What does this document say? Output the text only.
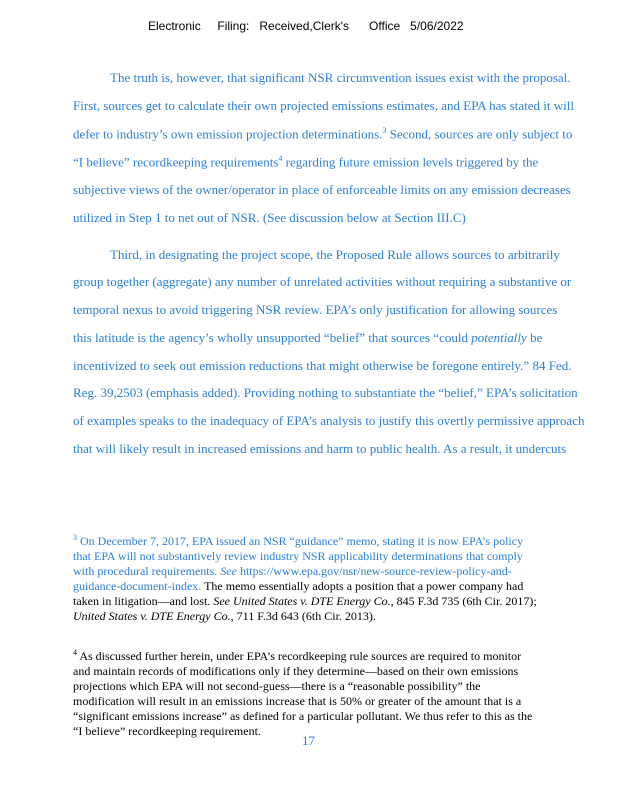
Electronic     Filing:   Received,Clerk's      Office   5/06/2022
The truth is, however, that significant NSR circumvention issues exist with the proposal.
First, sources get to calculate their own projected emissions estimates, and EPA has stated it will
defer to industry’s own emission projection determinations.$^3$ Second, sources are only subject to
“I believe” recordkeeping requirements$^4$ regarding future emission levels triggered by the
subjective views of the owner/operator in place of enforceable limits on any emission decreases
utilized in Step 1 to net out of NSR. (See discussion below at Section III.C)
Third, in designating the project scope, the Proposed Rule allows sources to arbitrarily
group together (aggregate) any number of unrelated activities without requiring a substantive or
temporal nexus to avoid triggering NSR review. EPA’s only justification for allowing sources
this latitude is the agency’s wholly unsupported “belief” that sources “could potentially be
incentivized to seek out emission reductions that might otherwise be foregone entirely.” 84 Fed.
Reg. 39,2503 (emphasis added). Providing nothing to substantiate the “belief,” EPA’s solicitation
of examples speaks to the inadequacy of EPA’s analysis to justify this overtly permissive approach
that will likely result in increased emissions and harm to public health. As a result, it undercuts
$^3$ On December 7, 2017, EPA issued an NSR “guidance” memo, stating it is now EPA’s policy
that EPA will not substantively review industry NSR applicability determinations that comply
with procedural requirements. See https://www.epa.gov/nsr/new-source-review-policy-and-
guidance-document-index. The memo essentially adopts a position that a power company had
taken in litigation—and lost. See United States v. DTE Energy Co., 845 F.3d 735 (6th Cir. 2017);
United States v. DTE Energy Co., 711 F.3d 643 (6th Cir. 2013).
$^4$ As discussed further herein, under EPA’s recordkeeping rule sources are required to monitor
and maintain records of modifications only if they determine—based on their own emissions
projections which EPA will not second-guess—there is a “reasonable possibility” the
modification will result in an emissions increase that is 50% or greater of the amount that is a
“significant emissions increase” as defined for a particular pollutant. We thus refer to this as the
“I believe” recordkeeping requirement.
17
